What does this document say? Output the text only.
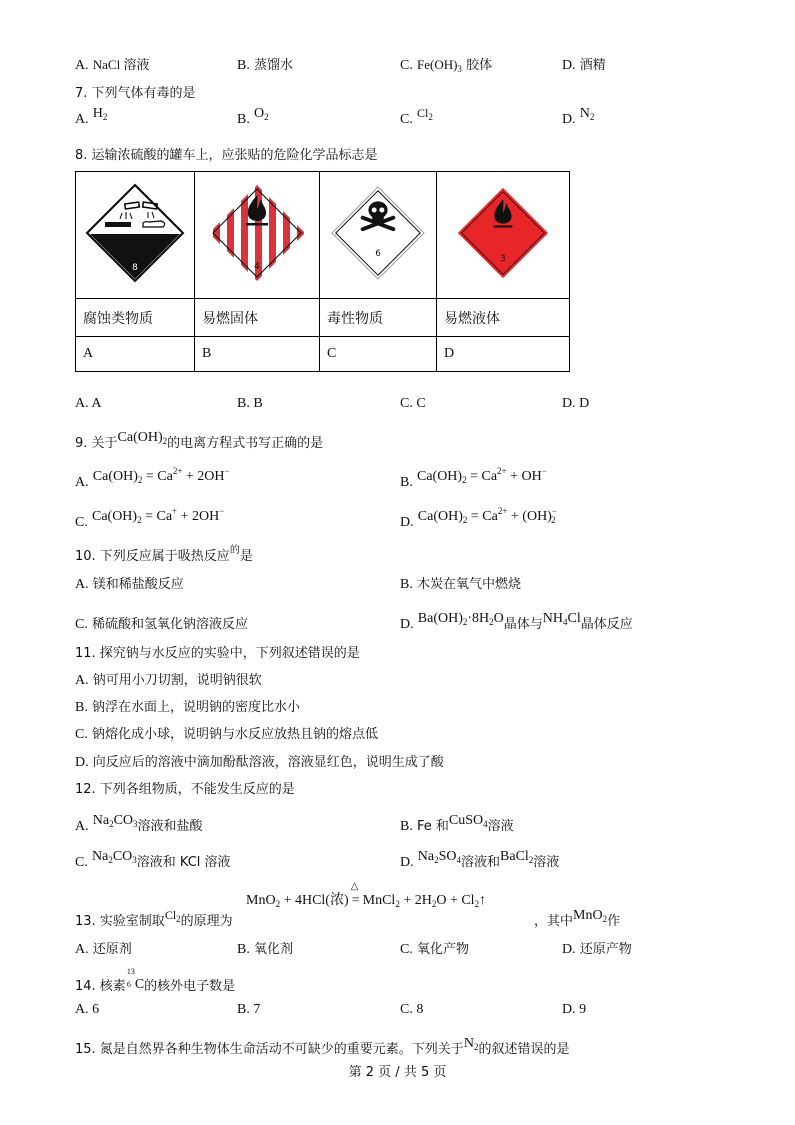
A. NaCl 溶液	B. 蒸馏水	C. $Fe(OH)_3$ 胶体	D. 酒精
7. 下列气体有毒的是
A. $H_2$	B. $O_2$	C. $Cl_2$	D. $N_2$
8. 运输浓硫酸的罐车上，应张贴的危险化学品标志是
8	4	6	3

腐蚀类物质	易燃固体	毒性物质	易燃液体
A	B	C	D
A. A	B. B	C. C	D. D
9. 关于$Ca(OH)_2$的电离方程式书写正确的是
A. $Ca(OH)_2 = Ca^{2+} + 2OH^-$
B. $Ca(OH)_2 = Ca^{2+} + OH^-$
C. $Ca(OH)_2 = Ca^+ + 2OH^-$
D. $Ca(OH)_2 = Ca^{2+} + (OH)^-_2$
10. 下列反应属于吸热反应$^的$是
A. 镁和稀盐酸反应	B. 木炭在氧气中燃烧
C. 稀硫酸和氢氧化钠溶液反应	D. $Ba(OH)_2\cdot 8H_2O$晶体与$NH_4Cl$晶体反应
11. 探究钠与水反应的实验中，下列叙述错误的是
A. 钠可用小刀切割，说明钠很软
B. 钠浮在水面上，说明钠的密度比水小
C. 钠熔化成小球，说明钠与水反应放热且钠的熔点低
D. 向反应后的溶液中滴加酚酞溶液，溶液显红色，说明生成了酸
12. 下列各组物质，不能发生反应的是
A. $Na_2CO_3$溶液和盐酸	B. Fe 和CuSO$_4$溶液
C. $Na_2CO_3$溶液和 KCl 溶液	D. $Na_2SO_4$溶液和BaCl$_2$溶液
MnO$_2$ + 4HCl(浓)
△
= MnCl$_2$ + $2H_2O$ + $Cl_2↑$
13. 实验室制取$Cl_2$的原理为	，其中MnO$_2$作
A. 还原剂	B. 氧化剂	C. 氧化产物	D. 还原产物
14. 核素
13
6 C的核外电子数是
A. 6	B. 7	C. 8	D. 9
15. 氮是自然界各种生物体生命活动不可缺少的重要元素。下列关于$N_2$的叙述错误的是
第 2 页 / 共 5 页
